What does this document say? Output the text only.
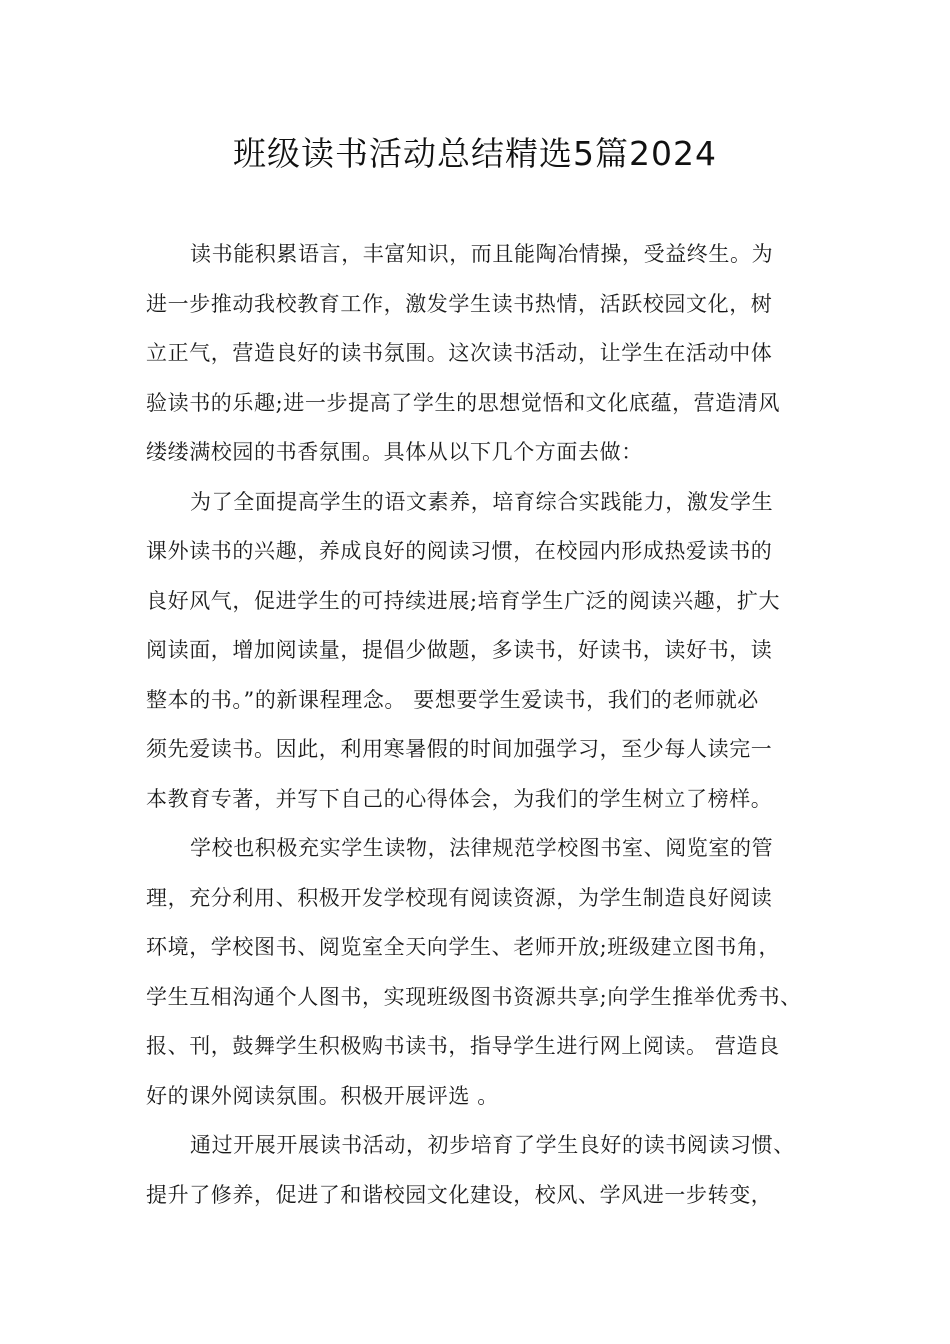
班级读书活动总结精选5篇2024
读书能积累语言，丰富知识，而且能陶冶情操，受益终生。为
进一步推动我校教育工作，激发学生读书热情，活跃校园文化，树
立正气，营造良好的读书氛围。这次读书活动，让学生在活动中体
验读书的乐趣;进一步提高了学生的思想觉悟和文化底蕴，营造清风
缕缕满校园的书香氛围。具体从以下几个方面去做：
为了全面提高学生的语文素养，培育综合实践能力，激发学生
课外读书的兴趣，养成良好的阅读习惯，在校园内形成热爱读书的
良好风气，促进学生的可持续进展;培育学生广泛的阅读兴趣，扩大
阅读面，增加阅读量，提倡少做题，多读书，好读书，读好书，读
整本的书。”的新课程理念。 要想要学生爱读书，我们的老师就必
须先爱读书。因此，利用寒暑假的时间加强学习，至少每人读完一
本教育专著，并写下自己的心得体会，为我们的学生树立了榜样。
学校也积极充实学生读物，法律规范学校图书室、阅览室的管
理，充分利用、积极开发学校现有阅读资源，为学生制造良好阅读
环境，学校图书、阅览室全天向学生、老师开放;班级建立图书角，
学生互相沟通个人图书，实现班级图书资源共享;向学生推举优秀书、
报、刊，鼓舞学生积极购书读书，指导学生进行网上阅读。 营造良
好的课外阅读氛围。积极开展评选 。
通过开展开展读书活动，初步培育了学生良好的读书阅读习惯、
提升了修养，促进了和谐校园文化建设，校风、学风进一步转变，
